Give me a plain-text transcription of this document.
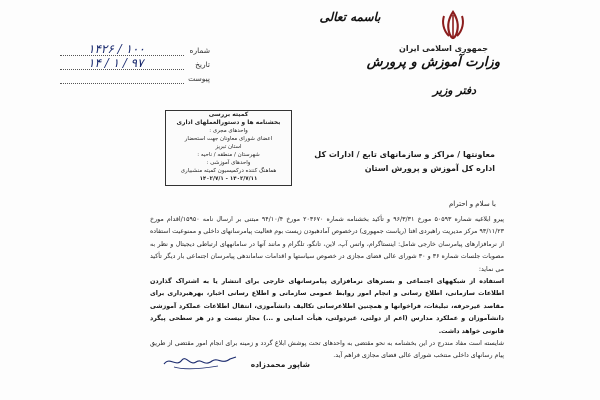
باسمه تعالی
جمهوری اسلامی ایران
وزارت آموزش و پرورش
دفتر وزیر
شماره
۱۴۲۶ / ۱۰۰
تاریخ
۱۴ / ۱ / ۹۷
پیوست
کمیته بررسی
بخشنامه ها و دستورالعملهای اداری
واحدهای مجری :
اعضای شورای معاونان جهت استحضار
استان تبریز
شهرستان / منطقه / ناحیه :
واحدهای آموزشی :
هماهنگ کننده درکمیسیون کمیته منشبیاری
۱۴۰۲/۷/۱۱ - ۱۴۰۲/۷/۱
معاونتها / مراکز و سازمانهای تابع / ادارات کل
اداره کل آموزش و پرورش استان
با سلام و احترام

پیرو ابلاغیه شماره ۵۰۵۹۳ مورخ ۹۶/۳/۳۱ و تأکید بخشنامه شماره ۲۰۳۶۷۰ مورخ ۹۴/۱۰/۴ مبتنی بر ارسال نامه ۱۵۹۵۰/اقدام مورخ ۹۳/۱۱/۲۳ مرکز مدیریت راهبردی افتا (ریاست جمهوری) درخصوص آمادهبودن زیست بوم فعالیت پیامرسانهای داخلی و ممنوعیت استفاده از نرمافزارهای پیامرسان خارجی شامل: اینستاگرام، واتس آپ، لاین، تانگو، تلگرام و مانند آنها در سامانههای ارتباطی دیجیتال و نظر به مصوبات جلسات شماره ۳۶ و ۳۰ شورای عالی فضای مجازی در خصوص سیاستها و اقدامات ساماندهی پیامرسان اجتماعی بار دیگر تأکید می نماید:

استفاده از شبکههای اجتماعی و بسترهای نرمافزاری پیامرسانهای خارجی برای انتشار یا به اشتراک گذاردن اطلاعات سازمانی، اطلاع رسانی و انجام امور روابط عمومی سازمانی و اطلاع رسانی اخبار، بهرهبرداری برای مقاصد غیرحرفه، تبلیغات، فراخوانها و همچنین اطلاعرسانی تکالیف دانشآموزی، انتقال اطلاعات عملکرد آموزشی دانشآموزان و عملکرد مدارس (اعم از دولتی، غیردولتی، هیأت امنایی و ...) مجاز نیست و در هر سطحی پیگرد قانونی خواهد داشت.

شایسته است مفاد مندرج در این بخشنامه به نحو مقتضی به واحدهای تحت پوشش ابلاغ گردد و زمینه برای انجام امور مقتضی از طریق پیام رسانهای داخلی منتخب شورای عالی فضای مجازی فراهم آید.

شاپور محمدزاده
